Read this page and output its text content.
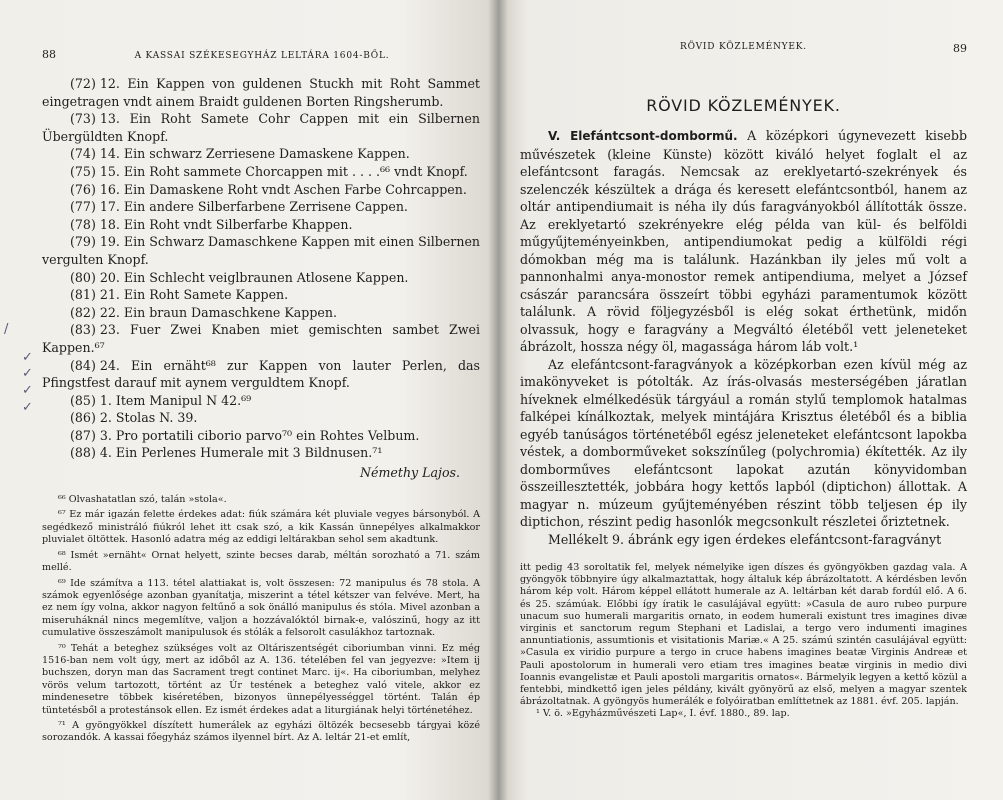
88	A KASSAI SZÉKESEGYHÁZ LELTÁRA 1604-BŐL.
(72) 12. Ein Kappen von guldenen Stuckh mit Roht Sammet eingetragen vndt ainem Braidt guldenen Borten Ringsherumb.
(73) 13. Ein Roht Samete Cohr Cappen mit ein Silbernen Übergüldten Knopf.
(74) 14. Ein schwarz Zerriesene Damaskene Kappen.
(75) 15. Ein Roht sammete Chorcappen mit . . . .⁶⁶ vndt Knopf.
(76) 16. Ein Damaskene Roht vndt Aschen Farbe Cohrcappen.
(77) 17. Ein andere Silberfarbene Zerrisene Cappen.
(78) 18. Ein Roht vndt Silberfarbe Khappen.
(79) 19. Ein Schwarz Damaschkene Kappen mit einen Silbernen vergulten Knopf.
(80) 20. Ein Schlecht veiglbraunen Atlosene Kappen.
(81) 21. Ein Roht Samete Kappen.
(82) 22. Ein braun Damaschkene Kappen.
(83) 23. Fuer Zwei Knaben miet gemischten sambet Zwei Kappen.⁶⁷
(84) 24. Ein ernäht⁶⁸ zur Kappen von lauter Perlen, das Pfingstfest darauf mit aynem verguldtem Knopf.
(85) 1. Item Manipul N 42.⁶⁹
(86) 2. Stolas N. 39.
(87) 3. Pro portatili ciborio parvo⁷⁰ ein Rohtes Velbum.
(88) 4. Ein Perlenes Humerale mit 3 Bildnusen.⁷¹
Némethy Lajos.
⁶⁶ Olvashatatlan szó, talán »stola«.
⁶⁷ Ez már igazán felette érdekes adat: fiúk számára két pluviale vegyes bársonyból. A segédkező ministráló fiúkról lehet itt csak szó, a kik Kassán ünnepélyes alkalmakkor pluvialet öltöttek. Hasonló adatra még az eddigi leltárakban sehol sem akadtunk.
⁶⁸ Ismét »ernäht« Ornat helyett, szinte becses darab, méltán sorozható a 71. szám mellé.
⁶⁹ Ide számítva a 113. tétel alattiakat is, volt összesen: 72 manipulus és 78 stola. A számok egyenlősége azonban gyanítatja, miszerint a tétel kétszer van felvéve. Mert, ha ez nem így volna, akkor nagyon feltűnő a sok önálló manipulus és stóla. Mivel azonban a miseruháknál nincs megemlítve, valjon a hozzávalóktól birnak-e, valószinű, hogy az itt cumulative összeszámolt manipulusok és stólák a felsorolt casulákhoz tartoznak.
⁷⁰ Tehát a beteghez szükséges volt az Oltáriszentségét ciboriumban vinni. Ez még 1516-ban nem volt úgy, mert az időből az A. 136. tételében fel van jegyezve: »Item ij buchszen, doryn man das Sacrament tregt continet Marc. ij«. Ha ciboriumban, melyhez vörös velum tartozott, történt az Úr testének a beteghez való vitele, akkor ez mindenesetre többek kiséretében, bizonyos ünnepélyességgel történt. Talán ép tüntetésből a protestánsok ellen. Ez ismét érdekes adat a liturgiának helyi történetéhez.
⁷¹ A gyöngyökkel díszített humerálek az egyházi öltözék becsesebb tárgyai közé sorozandók. A kassai főegyház számos ilyennel bírt. Az A. leltár 21-et említ,
/
✓
✓
✓
✓
RÖVID KÖZLEMÉNYEK.	89
RÖVID KÖZLEMÉNYEK.

V. Elefántcsont-dombormű. A középkori úgynevezett kisebb művészetek (kleine Künste) között kiváló helyet foglalt el az elefántcsont faragás. Nemcsak az ereklyetartó-szekrények és szelenczék készültek a drága és keresett elefántcsontból, hanem az oltár antipendiumait is néha ily dús faragványokból állították össze. Az ereklyetartó szekrényekre elég példa van kül- és belföldi műgyűjteményeinkben, antipendiumokat pedig a külföldi régi dómokban még ma is találunk. Hazánkban ily jeles mű volt a pannonhalmi anya-monostor remek antipendiuma, melyet a József császár parancsára összeírt többi egyházi paramentumok között találunk. A rövid följegyzésből is elég sokat érthetünk, midőn olvassuk, hogy e faragvány a Megváltó életéből vett jeleneteket ábrázolt, hossza négy öl, magassága három láb volt.¹

Az elefántcsont-faragványok a középkorban ezen kívül még az imakönyveket is pótolták. Az írás-olvasás mesterségében járatlan híveknek elmélkedésük tárgyául a román stylű templomok hatalmas falképei kínálkoztak, melyek mintájára Krisztus életéből és a biblia egyéb tanúságos történetéből egész jeleneteket elefántcsont lapokba véstek, a domborműveket sokszínűleg (polychromia) ékítették. Az ily domborműves elefántcsont lapokat azután könyvidomban összeillesztették, jobbára hogy kettős lapból (diptichon) állottak. A magyar n. múzeum gyűjteményében részint több teljesen ép ily diptichon, részint pedig hasonlók megcsonkult részletei őriztetnek.

Mellékelt 9. ábránk egy igen érdekes elefántcsont-faragványt

itt pedig 43 soroltatik fel, melyek némelyike igen díszes és gyöngyökben gazdag vala. A gyöngyök többnyire úgy alkalmaztattak, hogy általuk kép ábrázoltatott. A kérdésben levőn három kép volt. Három képpel ellátott humerale az A. leltárban két darab fordúl elő. A 6. és 25. számúak. Előbbi így íratik le casulájával együtt: »Casula de auro rubeo purpure unacum suo humerali margaritis ornato, in eodem humerali existunt tres imagines divæ virginis et sanctorum regum Stephani et Ladislai, a tergo vero indumenti imagines annuntiationis, assumtionis et visitationis Mariæ.« A 25. számú szintén casulájával együtt: »Casula ex viridio purpure a tergo in cruce habens imagines beatæ Virginis Andreæ et Pauli apostolorum in humerali vero etiam tres imagines beatæ virginis in medio divi Ioannis evangelistæ et Pauli apostoli margaritis ornatos«. Bármelyik legyen a kettő közül a fentebbi, mindkettő igen jeles példány, kivált gyönyörű az első, melyen a magyar szentek ábrázoltatnak. A gyöngyös humerálék e folyóiratban említtetnek az 1881. évf. 205. lapján.

¹ V. ö. »Egyházművészeti Lap«, I. évf. 1880., 89. lap.
